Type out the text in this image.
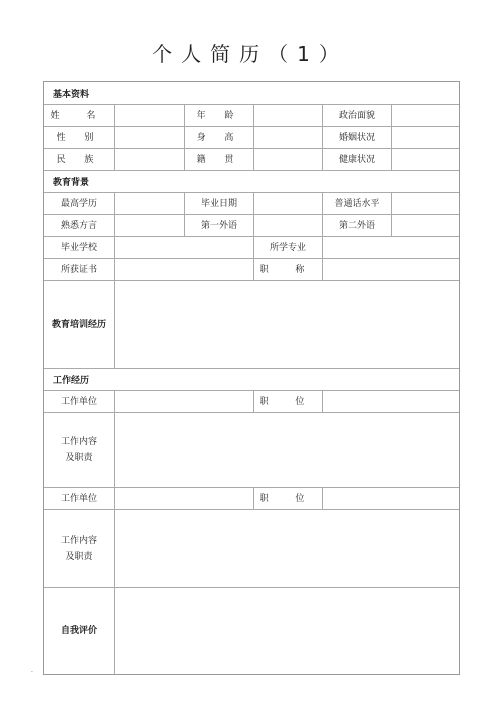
个人简历（1）
基本资料
姓 名	年 龄	政治面貌
性 别	身 高	婚姻状况
民 族	籍 贯	健康状况
教育背景
最高学历	毕业日期	普通话水平
熟悉方言	第一外语	第二外语
毕业学校	所学专业
所获证书	职 称
教育培训经历
工作经历
工作单位	职 位
工作内容
及职责
工作单位	职 位
工作内容
及职责
自我评价
.
